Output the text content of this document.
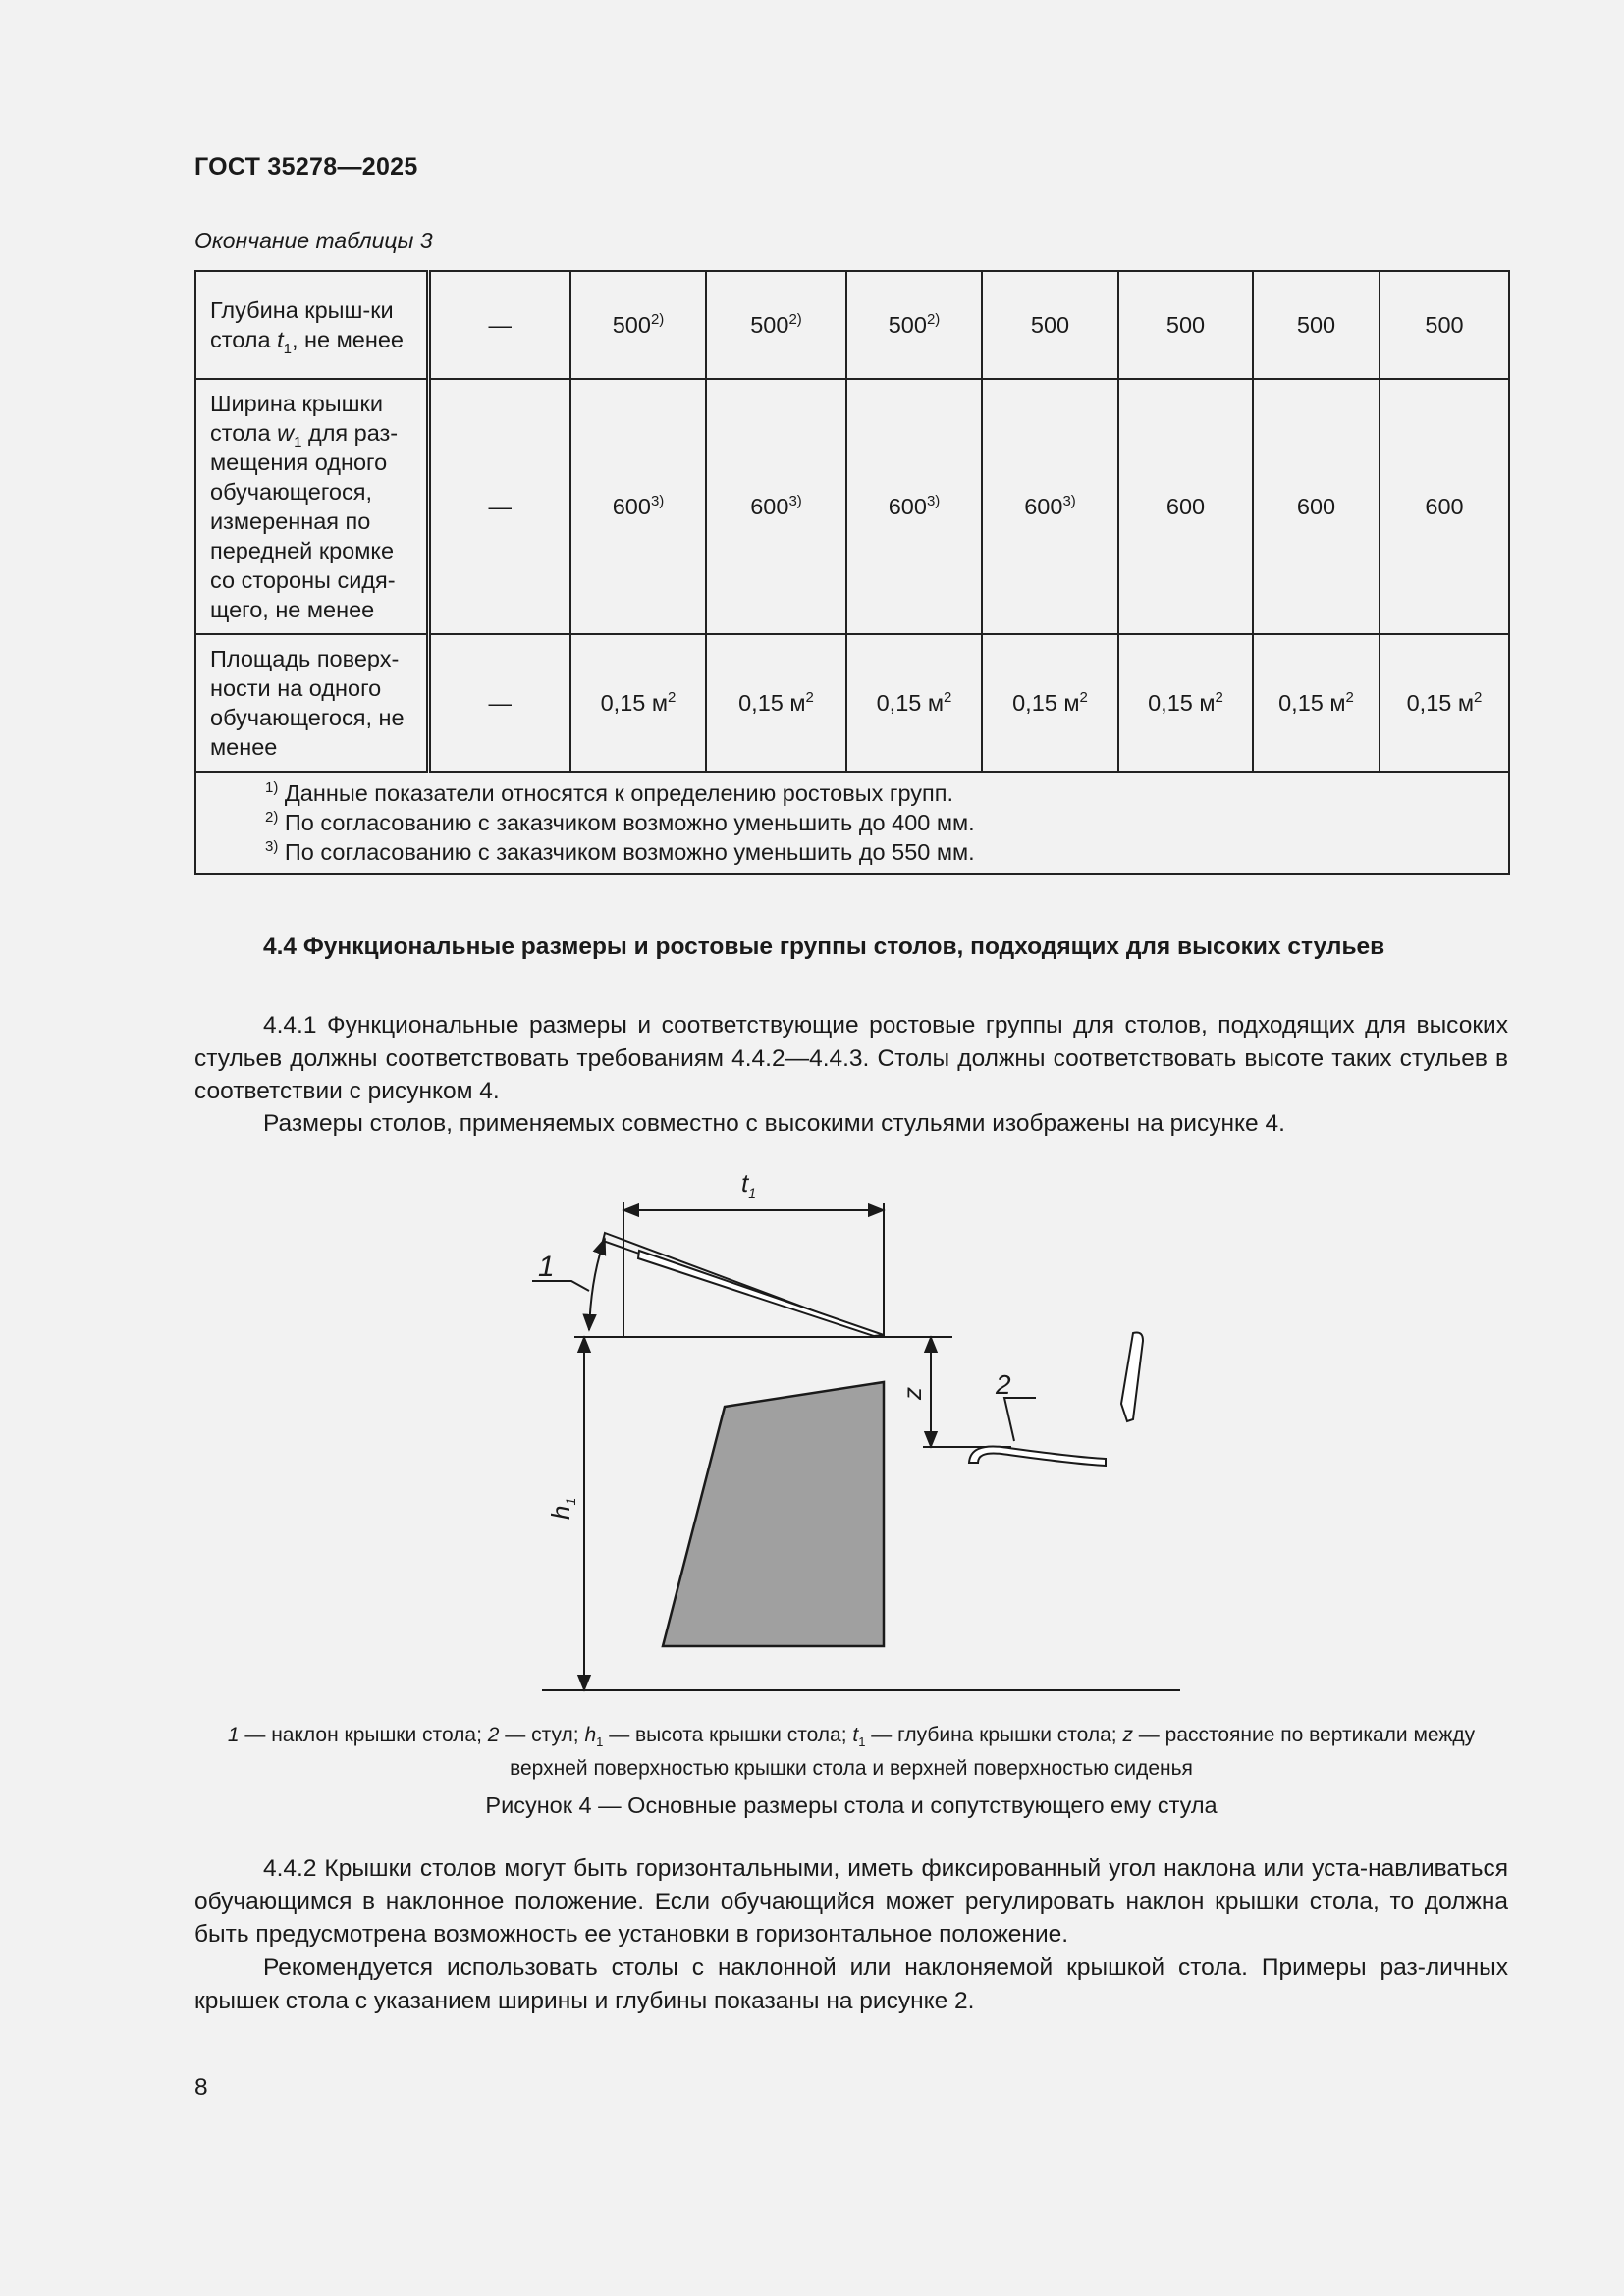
ГОСТ 35278—2025
Окончание таблицы 3
Глубина крыш-ки стола $t_1$, не менее	—	500$^{2)}$	500$^{2)}$	500$^{2)}$	500	500	500	500
Ширина крышки стола $w_1$ для раз-мещения одного обучающегося, измеренная по передней кромке со стороны сидя-щего, не менее	—	600$^{3)}$	600$^{3)}$	600$^{3)}$	600$^{3)}$	600	600	600
Площадь поверх-ности на одного обучающегося, не менее	—	0,15 $м^2$	0,15 $м^2$	0,15 $м^2$	0,15 $м^2$	0,15 $м^2$	0,15 $м^2$	0,15 $м^2$

$^{1)}$ Данные показатели относятся к определению ростовых групп.
$^{2)}$ По согласованию с заказчиком возможно уменьшить до 400 мм.
$^{3)}$ По согласованию с заказчиком возможно уменьшить до 550 мм.								
4.4 Функциональные размеры и ростовые группы столов, подходящих для высоких стульев
4.4.1 Функциональные размеры и соответствующие ростовые группы для столов, подходящих для высоких стульев должны соответствовать требованиям 4.4.2—4.4.3. Столы должны соответствовать высоте таких стульев в соответствии с рисунком 4.
Размеры столов, применяемых совместно с высокими стульями изображены на рисунке 4.
$t_1$
1
2
z
$h_1$
1 — наклон крышки стола; 2 — стул; $h_1$ — высота крышки стола; $t_1$ — глубина крышки стола; z — расстояние по вертикали между
верхней поверхностью крышки стола и верхней поверхностью сиденья
Рисунок 4 — Основные размеры стола и сопутствующего ему стула
4.4.2 Крышки столов могут быть горизонтальными, иметь фиксированный угол наклона или уста-навливаться обучающимся в наклонное положение. Если обучающийся может регулировать наклон крышки стола, то должна быть предусмотрена возможность ее установки в горизонтальное положение.
Рекомендуется использовать столы с наклонной или наклоняемой крышкой стола. Примеры раз-личных крышек стола с указанием ширины и глубины показаны на рисунке 2.
8
